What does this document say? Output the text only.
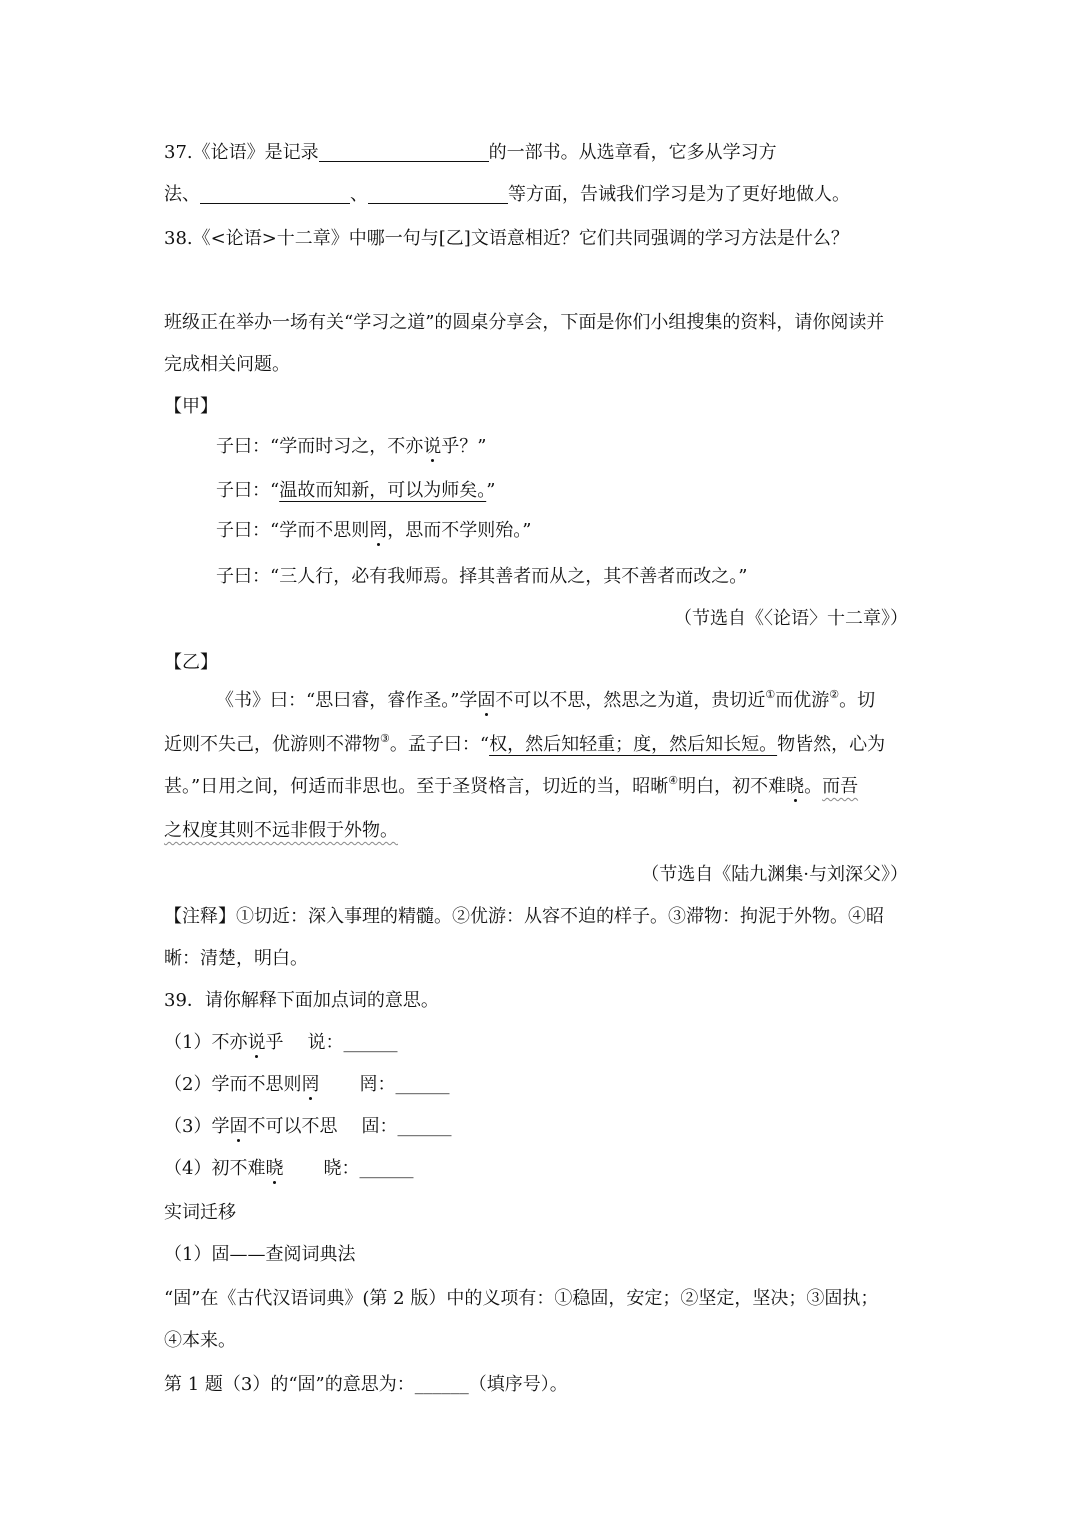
37.《论语》是记录	的一部书。从选章看，它多从学习方
法、	、	等方面，告诫我们学习是为了更好地做人。
38.《<论语>十二章》中哪一句与[乙]文语意相近？它们共同强调的学习方法是什么？
班级正在举办一场有关“学习之道”的圆桌分享会，下面是你们小组搜集的资料，请你阅读并
完成相关问题。
【甲】
子曰：“学而时习之，不亦说乎？”
子曰：“温故而知新，可以为师矣。”
子曰：“学而不思则罔，思而不学则殆。”
子曰：“三人行，必有我师焉。择其善者而从之，其不善者而改之。”
（节选自《〈论语〉十二章》）
【乙】
《书》曰：“思曰睿，睿作圣。”学固不可以不思，然思之为道，贵切近①而优游②。切
近则不失己，优游则不滞物③。孟子曰：“权，然后知轻重；度，然后知长短。物皆然，心为
甚。”日用之间，何适而非思也。至于圣贤格言，切近的当，昭晰④明白，初不难晓。而吾
之权度其则不远非假于外物。
（节选自《陆九渊集·与刘深父》）
【注释】①切近：深入事理的精髓。②优游：从容不迫的样子。③滞物：拘泥于外物。④昭
晰：清楚，明白。
39．请你解释下面加点词的意思。
（1）不亦说乎 说：______
（2）学而不思则罔 罔：______
（3）学固不可以不思 固：______
（4）初不难晓 晓：______
实词迁移
（1）固——查阅词典法
“固”在《古代汉语词典》(第 2 版）中的义项有：①稳固，安定；②坚定，坚决；③固执；
④本来。
第 1 题（3）的“固”的意思为：______（填序号）。
